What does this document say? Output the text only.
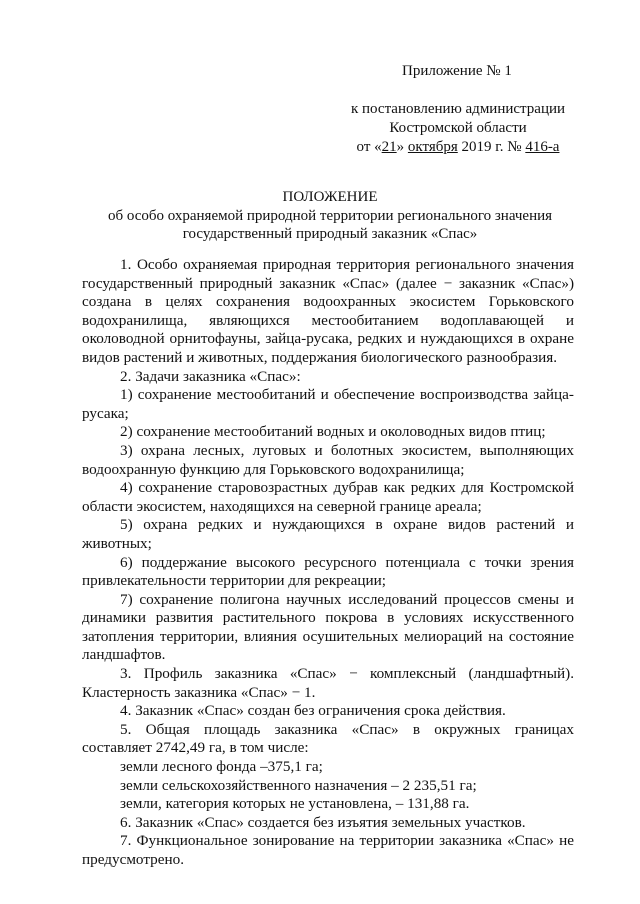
Приложение № 1
к постановлению администрации
Костромской области
от «21» октября 2019 г. № 416-а
ПОЛОЖЕНИЕ
об особо охраняемой природной территории регионального значения
государственный природный заказник «Спас»

1. Особо охраняемая природная территория регионального значения государственный природный заказник «Спас» (далее − заказник «Спас») создана в целях сохранения водоохранных экосистем Горьковского водохранилища, являющихся местообитанием водоплавающей и околоводной орнитофауны, зайца-русака, редких и нуждающихся в охране видов растений и животных, поддержания биологического разнообразия.

2. Задачи заказника «Спас»:

1) сохранение местообитаний и обеспечение воспроизводства зайца-русака;

2) сохранение местообитаний водных и околоводных видов птиц;

3) охрана лесных, луговых и болотных экосистем, выполняющих водоохранную функцию для Горьковского водохранилища;

4) сохранение старовозрастных дубрав как редких для Костромской области экосистем, находящихся на северной границе ареала;

5) охрана редких и нуждающихся в охране видов растений и животных;

6) поддержание высокого ресурсного потенциала с точки зрения привлекательности территории для рекреации;

7) сохранение полигона научных исследований процессов смены и динамики развития растительного покрова в условиях искусственного затопления территории, влияния осушительных мелиораций на состояние ландшафтов.

3. Профиль заказника «Спас» − комплексный (ландшафтный). Кластерность заказника «Спас» − 1.

4. Заказник «Спас» создан без ограничения срока действия.

5. Общая площадь заказника «Спас» в окружных границах составляет 2742,49 га, в том числе:

земли лесного фонда –375,1 га;

земли сельскохозяйственного назначения – 2 235,51 га;

земли, категория которых не установлена, – 131,88 га.

6. Заказник «Спас» создается без изъятия земельных участков.

7. Функциональное зонирование на территории заказника «Спас» не предусмотрено.
